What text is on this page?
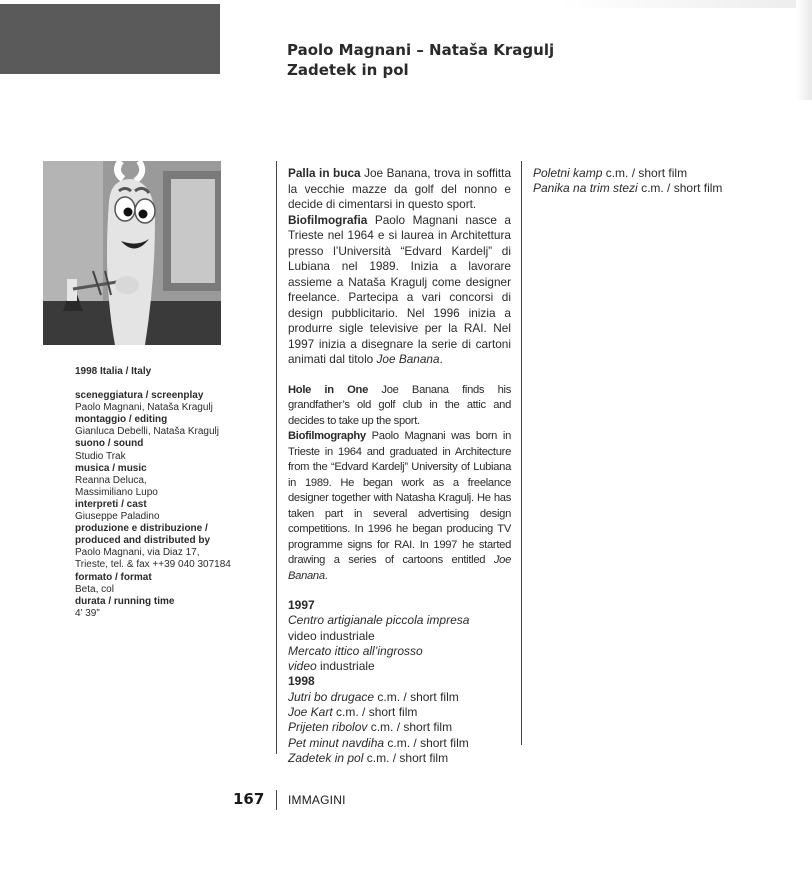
Paolo Magnani – Nataša Kragulj
Zadetek in pol
1998 Italia / Italy
sceneggiatura / screenplay
Paolo Magnani, Nataša Kragulj
montaggio / editing
Gianluca Debelli, Nataša Kragulj
suono / sound
Studio Trak
musica / music
Reanna Deluca,
Massimiliano Lupo
interpreti / cast
Giuseppe Paladino
produzione e distribuzione /
produced and distributed by
Paolo Magnani, via Diaz 17,
Trieste, tel. & fax ++39 040 307184
formato / format
Beta, col
durata / running time
4’ 39”
Palla in buca Joe Banana, trova in soffitta la vecchie mazze da golf del nonno e decide di cimentarsi in questo sport.
Biofilmografia Paolo Magnani nasce a Trieste nel 1964 e si laurea in Architettura presso l’Università “Edvard Kardelj” di Lubiana nel 1989. Inizia a lavorare assieme a Nataša Kragulj come designer freelance. Partecipa a vari concorsi di design pubblicitario. Nel 1996 inizia a produrre sigle televisive per la RAI. Nel 1997 inizia a disegnare la serie di cartoni animati dal titolo Joe Banana.
Hole in One Joe Banana finds his grandfather’s old golf club in the attic and decides to take up the sport.
Biofilmography Paolo Magnani was born in Trieste in 1964 and graduated in Architecture from the “Edvard Kardelj” University of Lubiana in 1989. He began work as a freelance designer together with Natasha Kragulj. He has taken part in several advertising design competitions. In 1996 he began producing TV programme signs for RAI. In 1997 he started drawing a series of cartoons entitled Joe Banana.
1997
Centro artigianale piccola impresa
video industriale
Mercato ittico all’ingrosso
video industriale
1998
Jutri bo drugace c.m. / short film
Joe Kart c.m. / short film
Prijeten ribolov c.m. / short film
Pet minut navdiha c.m. / short film
Zadetek in pol c.m. / short film
Poletni kamp c.m. / short film
Panika na trim stezi c.m. / short film
167 IMMAGINI
